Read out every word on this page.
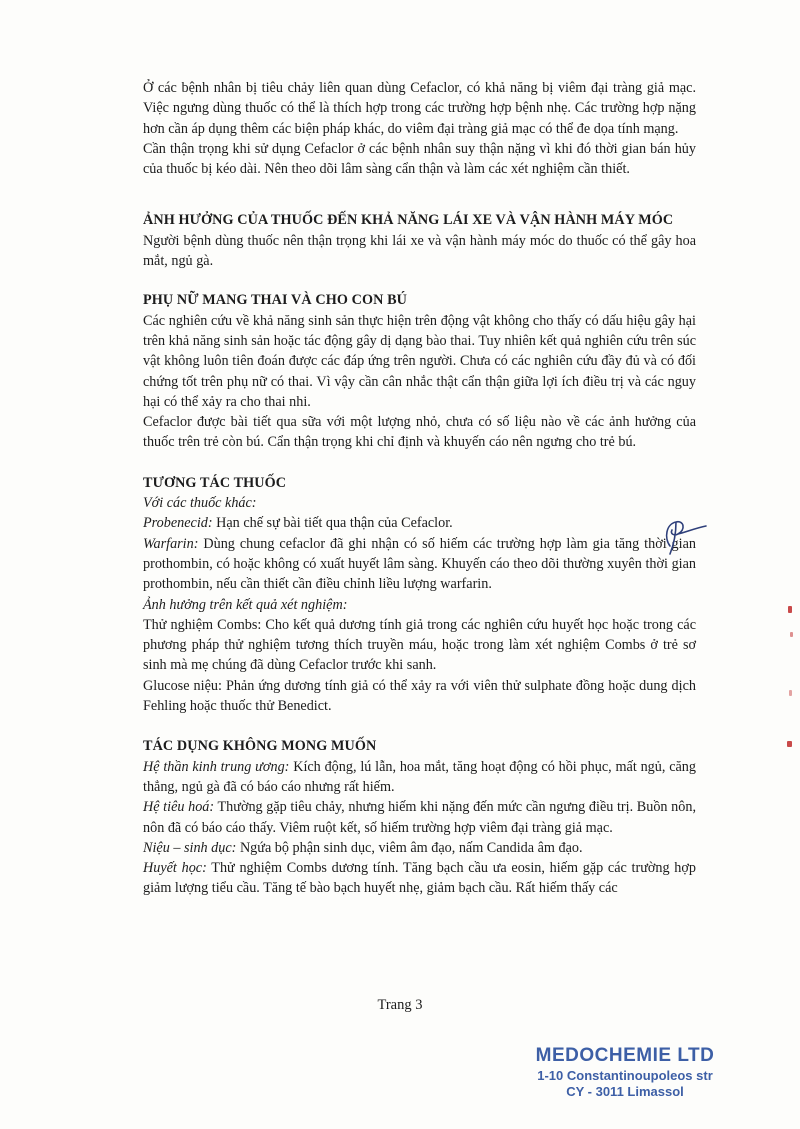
Ở các bệnh nhân bị tiêu chảy liên quan dùng Cefaclor, có khả năng bị viêm đại tràng giả mạc. Việc ngưng dùng thuốc có thể là thích hợp trong các trường hợp bệnh nhẹ. Các trường hợp nặng hơn cần áp dụng thêm các biện pháp khác, do viêm đại tràng giả mạc có thể đe dọa tính mạng.

Cần thận trọng khi sử dụng Cefaclor ở các bệnh nhân suy thận nặng vì khi đó thời gian bán hủy của thuốc bị kéo dài. Nên theo dõi lâm sàng cẩn thận và làm các xét nghiệm cần thiết.

ẢNH HƯỞNG CỦA THUỐC ĐẾN KHẢ NĂNG LÁI XE VÀ VẬN HÀNH MÁY MÓC

Người bệnh dùng thuốc nên thận trọng khi lái xe và vận hành máy móc do thuốc có thể gây hoa mắt, ngủ gà.

PHỤ NỮ MANG THAI VÀ CHO CON BÚ

Các nghiên cứu về khả năng sinh sản thực hiện trên động vật không cho thấy có dấu hiệu gây hại trên khả năng sinh sản hoặc tác động gây dị dạng bào thai. Tuy nhiên kết quả nghiên cứu trên súc vật không luôn tiên đoán được các đáp ứng trên người. Chưa có các nghiên cứu đầy đủ và có đối chứng tốt trên phụ nữ có thai. Vì vậy cần cân nhắc thật cẩn thận giữa lợi ích điều trị và các nguy hại có thể xảy ra cho thai nhi.

Cefaclor được bài tiết qua sữa với một lượng nhỏ, chưa có số liệu nào về các ảnh hưởng của thuốc trên trẻ còn bú. Cẩn thận trọng khi chỉ định và khuyến cáo nên ngưng cho trẻ bú.

TƯƠNG TÁC THUỐC

Với các thuốc khác:

Probenecid: Hạn chế sự bài tiết qua thận của Cefaclor.

Warfarin: Dùng chung cefaclor đã ghi nhận có số hiếm các trường hợp làm gia tăng thời gian prothombin, có hoặc không có xuất huyết lâm sàng. Khuyến cáo theo dõi thường xuyên thời gian prothombin, nếu cần thiết cần điều chỉnh liều lượng warfarin.

Ảnh hưởng trên kết quả xét nghiệm:

Thử nghiệm Combs: Cho kết quả dương tính giả trong các nghiên cứu huyết học hoặc trong các phương pháp thử nghiệm tương thích truyền máu, hoặc trong làm xét nghiệm Combs ở trẻ sơ sinh mà mẹ chúng đã dùng Cefaclor trước khi sanh.

Glucose niệu: Phản ứng dương tính giả có thể xảy ra với viên thử sulphate đồng hoặc dung dịch Fehling hoặc thuốc thử Benedict.

TÁC DỤNG KHÔNG MONG MUỐN

Hệ thần kinh trung ương: Kích động, lú lẫn, hoa mắt, tăng hoạt động có hồi phục, mất ngủ, căng thẳng, ngủ gà đã có báo cáo nhưng rất hiếm.

Hệ tiêu hoá: Thường gặp tiêu chảy, nhưng hiếm khi nặng đến mức cần ngưng điều trị. Buồn nôn, nôn đã có báo cáo thấy. Viêm ruột kết, số hiếm trường hợp viêm đại tràng giả mạc.

Niệu – sinh dục: Ngứa bộ phận sinh dục, viêm âm đạo, nấm Candida âm đạo.

Huyết học: Thử nghiệm Combs dương tính. Tăng bạch cầu ưa eosin, hiếm gặp các trường hợp giảm lượng tiểu cầu. Tăng tế bào bạch huyết nhẹ, giảm bạch cầu. Rất hiếm thấy các

Trang 3
MEDOCHEMIE LTD
1-10 Constantinoupoleos str
CY - 3011 Limassol
